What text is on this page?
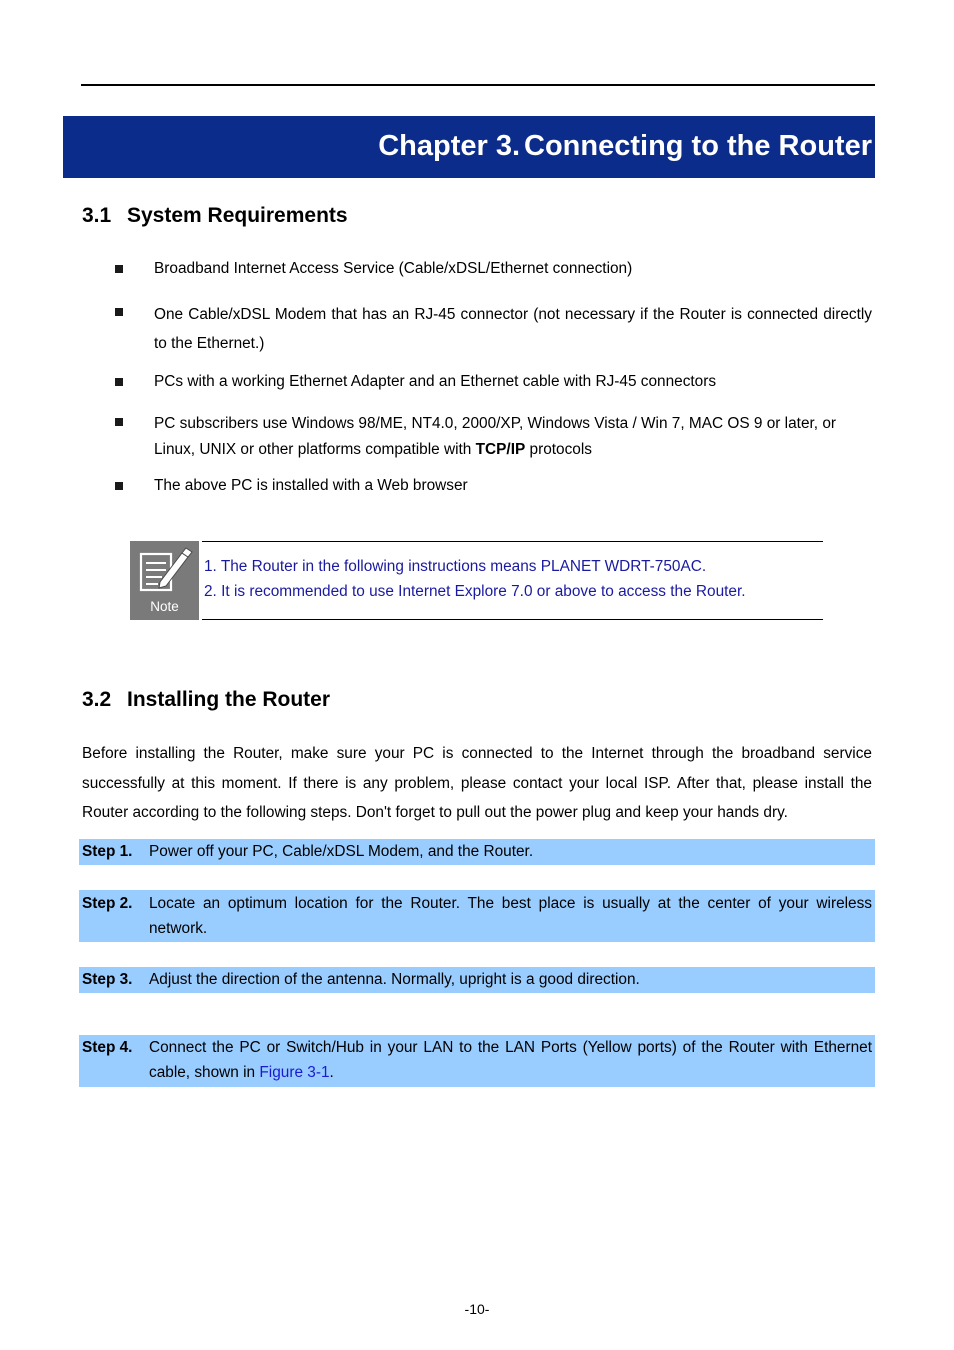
Chapter 3. Connecting to the Router
3.1 System Requirements
Broadband Internet Access Service (Cable/xDSL/Ethernet connection)
One Cable/xDSL Modem that has an RJ-45 connector (not necessary if the Router is connected directly to the Ethernet.)
PCs with a working Ethernet Adapter and an Ethernet cable with RJ-45 connectors
PC subscribers use Windows 98/ME, NT4.0, 2000/XP, Windows Vista / Win 7, MAC OS 9 or later, or Linux, UNIX or other platforms compatible with TCP/IP protocols
The above PC is installed with a Web browser
Note
1. The Router in the following instructions means PLANET WDRT-750AC.
2. It is recommended to use Internet Explore 7.0 or above to access the Router.
3.2 Installing the Router
Before installing the Router, make sure your PC is connected to the Internet through the broadband service successfully at this moment. If there is any problem, please contact your local ISP. After that, please install the Router according to the following steps. Don't forget to pull out the power plug and keep your hands dry.
Step 1. Power off your PC, Cable/xDSL Modem, and the Router.
Step 2. Locate an optimum location for the Router. The best place is usually at the center of your wireless network.
Step 3. Adjust the direction of the antenna. Normally, upright is a good direction.
Step 4. Connect the PC or Switch/Hub in your LAN to the LAN Ports (Yellow ports) of the Router with Ethernet cable, shown in Figure 3-1.
-10-
